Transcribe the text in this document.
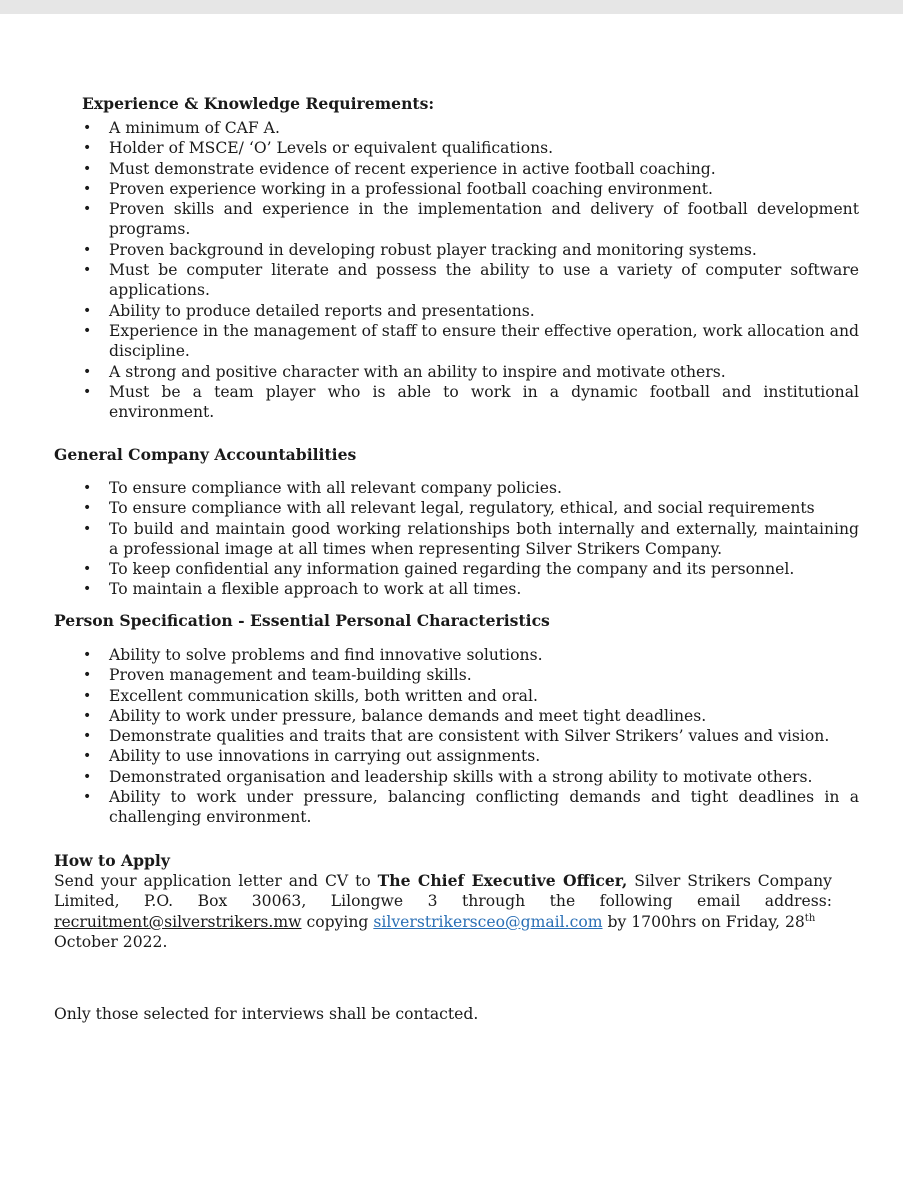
Experience & Knowledge Requirements:

• A minimum of CAF A.
• Holder of MSCE/ ‘O’ Levels or equivalent qualifications.
• Must demonstrate evidence of recent experience in active football coaching.
• Proven experience working in a professional football coaching environment.
• Proven skills and experience in the implementation and delivery of football development programs.
• Proven background in developing robust player tracking and monitoring systems.
• Must be computer literate and possess the ability to use a variety of computer software applications.
• Ability to produce detailed reports and presentations.
• Experience in the management of staff to ensure their effective operation, work allocation and discipline.
• A strong and positive character with an ability to inspire and motivate others.
• Must be a team player who is able to work in a dynamic football and institutional environment.

General Company Accountabilities

• To ensure compliance with all relevant company policies.
• To ensure compliance with all relevant legal, regulatory, ethical, and social requirements
• To build and maintain good working relationships both internally and externally, maintaining a professional image at all times when representing Silver Strikers Company.
• To keep confidential any information gained regarding the company and its personnel.
• To maintain a flexible approach to work at all times.

Person Specification - Essential Personal Characteristics

• Ability to solve problems and find innovative solutions.
• Proven management and team-building skills.
• Excellent communication skills, both written and oral.
• Ability to work under pressure, balance demands and meet tight deadlines.
• Demonstrate qualities and traits that are consistent with Silver Strikers’ values and vision.
• Ability to use innovations in carrying out assignments.
• Demonstrated organisation and leadership skills with a strong ability to motivate others.
• Ability to work under pressure, balancing conflicting demands and tight deadlines in a challenging environment.

How to Apply

Send your application letter and CV to The Chief Executive Officer, Silver Strikers Company
Limited, P.O. Box 30063, Lilongwe 3 through the following email address:
recruitment@silverstrikers.mw copying silverstrikersceo@gmail.com by 1700hrs on Friday, 28th
October 2022.

Only those selected for interviews shall be contacted.
